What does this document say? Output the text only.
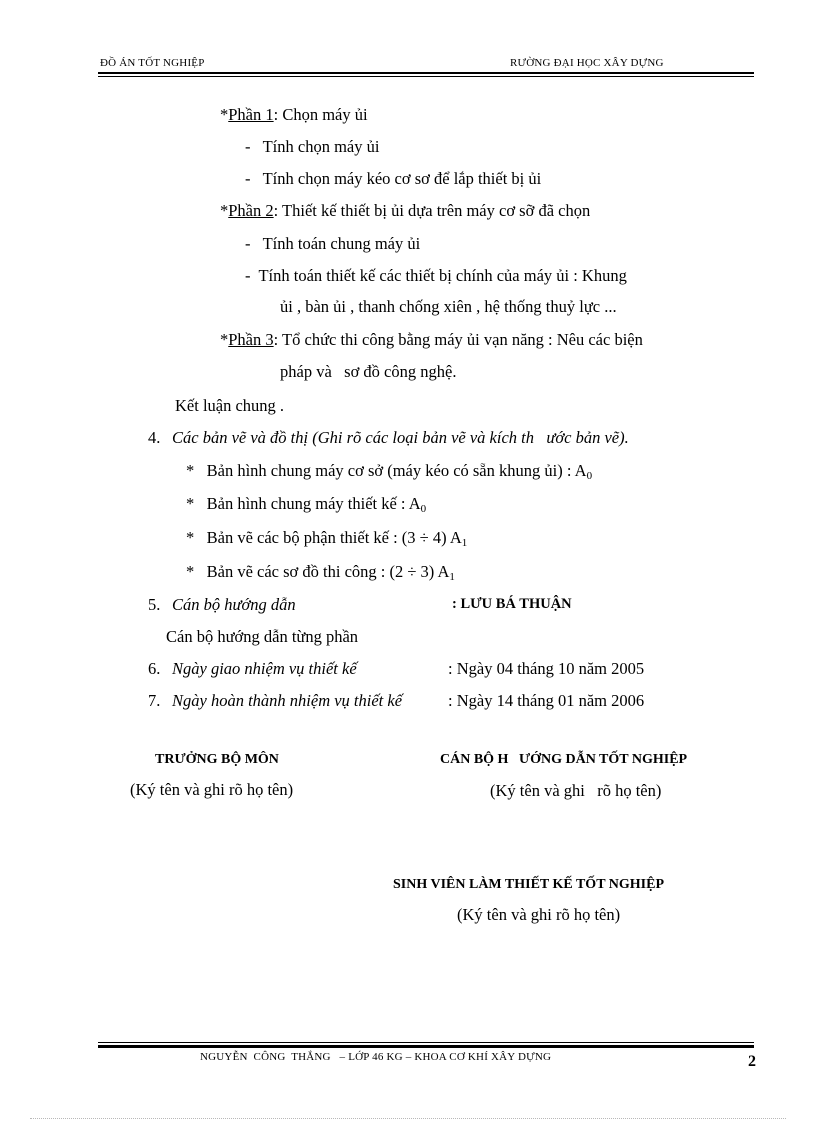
ĐỒ ÁN TỐT NGHIỆP	RƯỜNG ĐẠI HỌC XÂY DỰNG
*Phần 1: Chọn máy ủi
-   Tính chọn máy ủi
-   Tính chọn máy kéo cơ sơ để lắp thiết bị ủi
*Phần 2: Thiết kế thiết bị ủi dựa trên máy cơ sỡ đã chọn
-   Tính toán chung máy ủi
-  Tính toán thiết kế các thiết bị chính của máy ủi : Khung
ủi , bàn ủi , thanh chống xiên , hệ thống thuỷ lực ...
*Phần 3: Tổ chức thi công bằng máy ủi vạn năng : Nêu các biện
pháp và   sơ đồ công nghệ.
Kết luận chung .
4. Các bản vẽ và đồ thị (Ghi rõ các loại bản vẽ và kích th   ước bản vẽ).
* Bản hình chung máy cơ sở (máy kéo có sẵn khung ủi) : $A_0$
* Bản hình chung máy thiết kế : $A_0$
* Bản vẽ các bộ phận thiết kế : (3 ÷ 4) $A_1$
* Bản vẽ các sơ đồ thi công : (2 ÷ 3) $A_1$
5. Cán bộ hướng dẫn	: LƯU BÁ THUẬN
Cán bộ hướng dẫn từng phần
6. Ngày giao nhiệm vụ thiết kế	: Ngày 04 tháng 10 năm 2005
7. Ngày hoàn thành nhiệm vụ thiết kế	: Ngày 14 tháng 01 năm 2006
TRƯỞNG BỘ MÔN
(Ký tên và ghi rõ họ tên)
CÁN BỘ H   ƯỚNG DẪN TỐT NGHIỆP
(Ký tên và ghi   rõ họ tên)
SINH VIÊN LÀM THIẾT KẾ TỐT NGHIỆP
(Ký tên và ghi rõ họ tên)
NGUYỄN  CÔNG  THẮNG   – LỚP 46 KG – KHOA CƠ KHÍ XÂY DỰNG	2
